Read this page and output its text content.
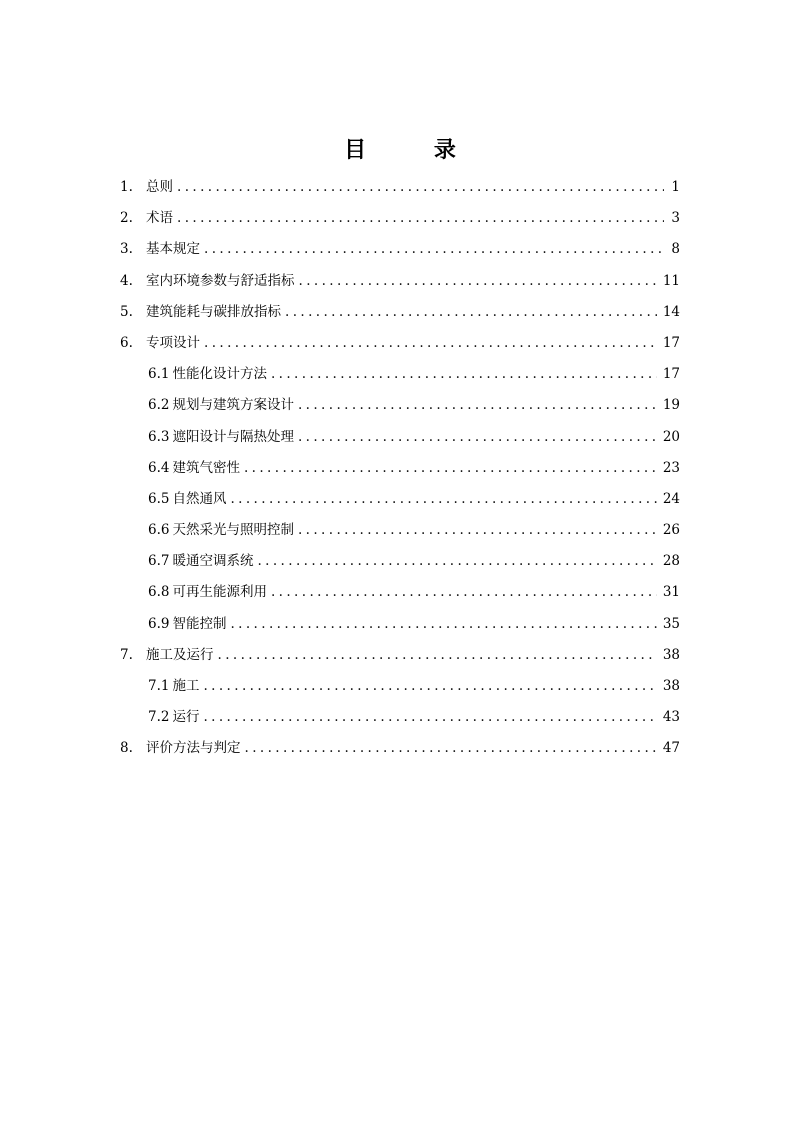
目 录
1. 总则 .....	1
2. 术语 .....	3
3. 基本规定 .....	8
4. 室内环境参数与舒适指标 .....	11
5. 建筑能耗与碳排放指标 .....	14
6. 专项设计 .....	17
6.1 性能化设计方法 .....	17
6.2 规划与建筑方案设计 .....	19
6.3 遮阳设计与隔热处理 .....	20
6.4 建筑气密性 .....	23
6.5 自然通风 .....	24
6.6 天然采光与照明控制 .....	26
6.7 暖通空调系统 .....	28
6.8 可再生能源利用 .....	31
6.9 智能控制 .....	35
7. 施工及运行 .....	38
7.1 施工 .....	38
7.2 运行 .....	43
8. 评价方法与判定 .....	47
